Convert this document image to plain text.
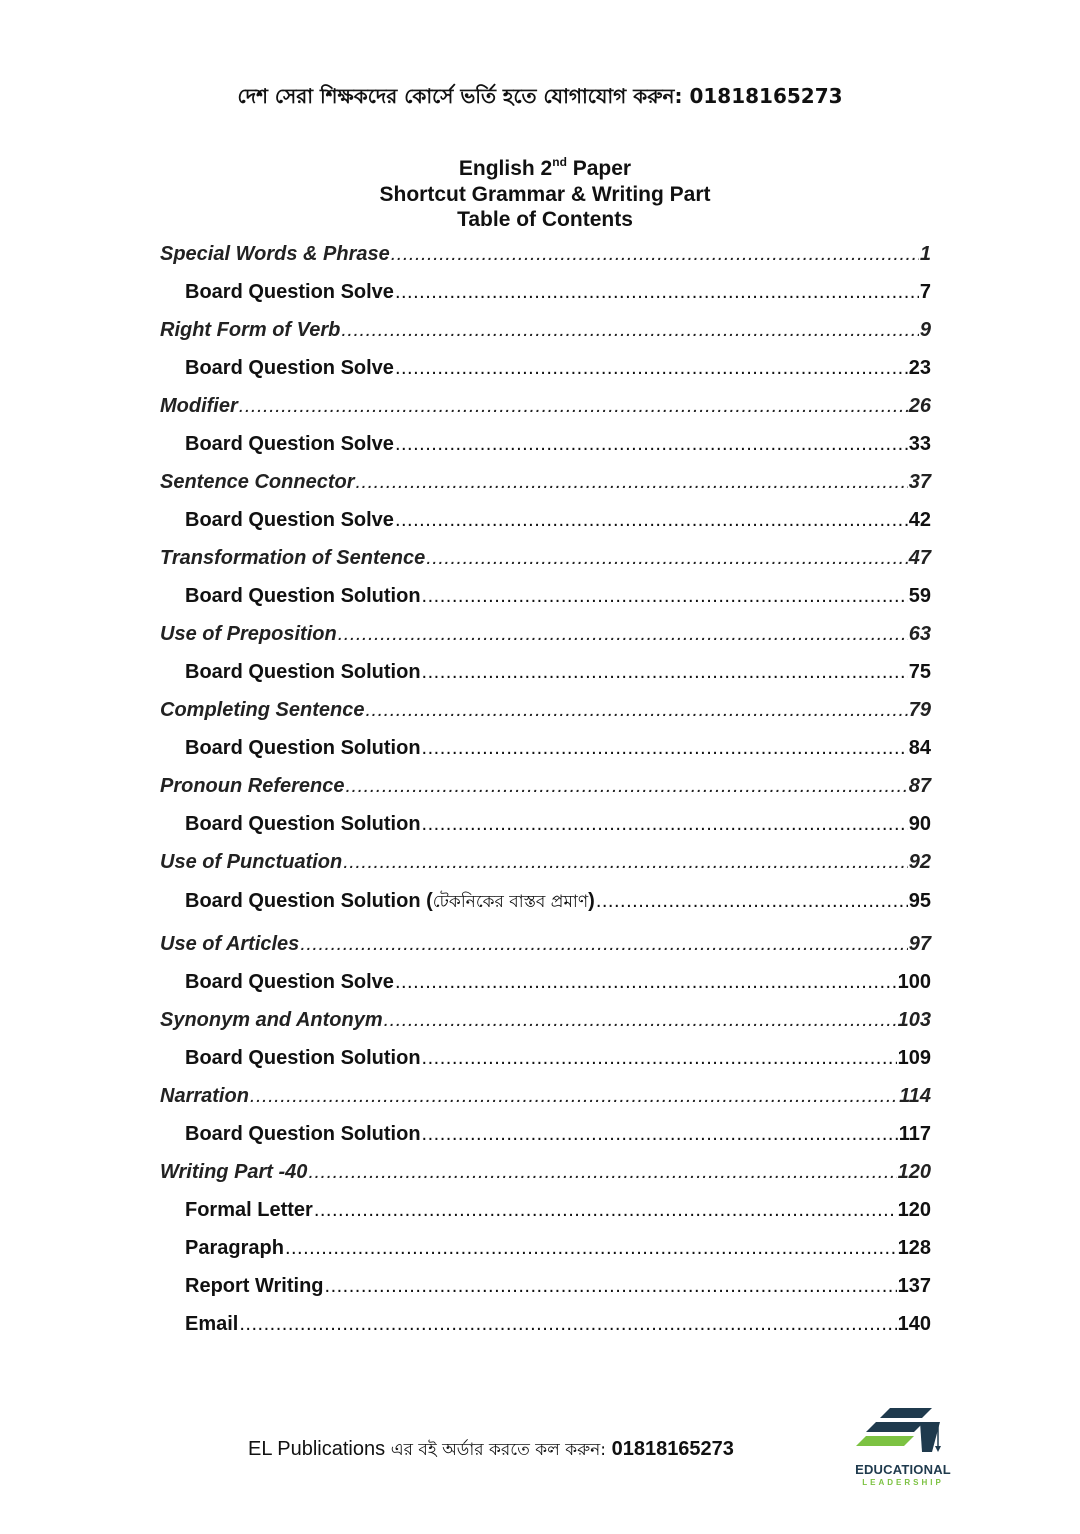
দেশ সেরা শিক্ষকদের কোর্সে ভর্তি হতে যোগাযোগ করুন: 01818165273
English 2nd Paper
Shortcut Grammar & Writing Part
Table of Contents
Special Words & Phrase .....	1
Board Question Solve .....	7
Right Form of Verb .....	9
Board Question Solve .....	23
Modifier .....	26
Board Question Solve .....	33
Sentence Connector .....	37
Board Question Solve .....	42
Transformation of Sentence .....	47
Board Question Solution .....	59
Use of Preposition .....	63
Board Question Solution .....	75
Completing Sentence .....	79
Board Question Solution .....	84
Pronoun Reference .....	87
Board Question Solution .....	90
Use of Punctuation .....	92
Board Question Solution (টেকনিকের বাস্তব প্রমাণ) .....	95
Use of Articles .....	97
Board Question Solve .....	100
Synonym and Antonym .....	103
Board Question Solution .....	109
Narration .....	114
Board Question Solution .....	117
Writing Part -40 .....	120
Formal Letter .....	120
Paragraph .....	128
Report Writing .....	137
Email .....	140
EL Publications এর বই অর্ডার করতে কল করুন: 01818165273
EDUCATIONAL
LEADERSHIP
